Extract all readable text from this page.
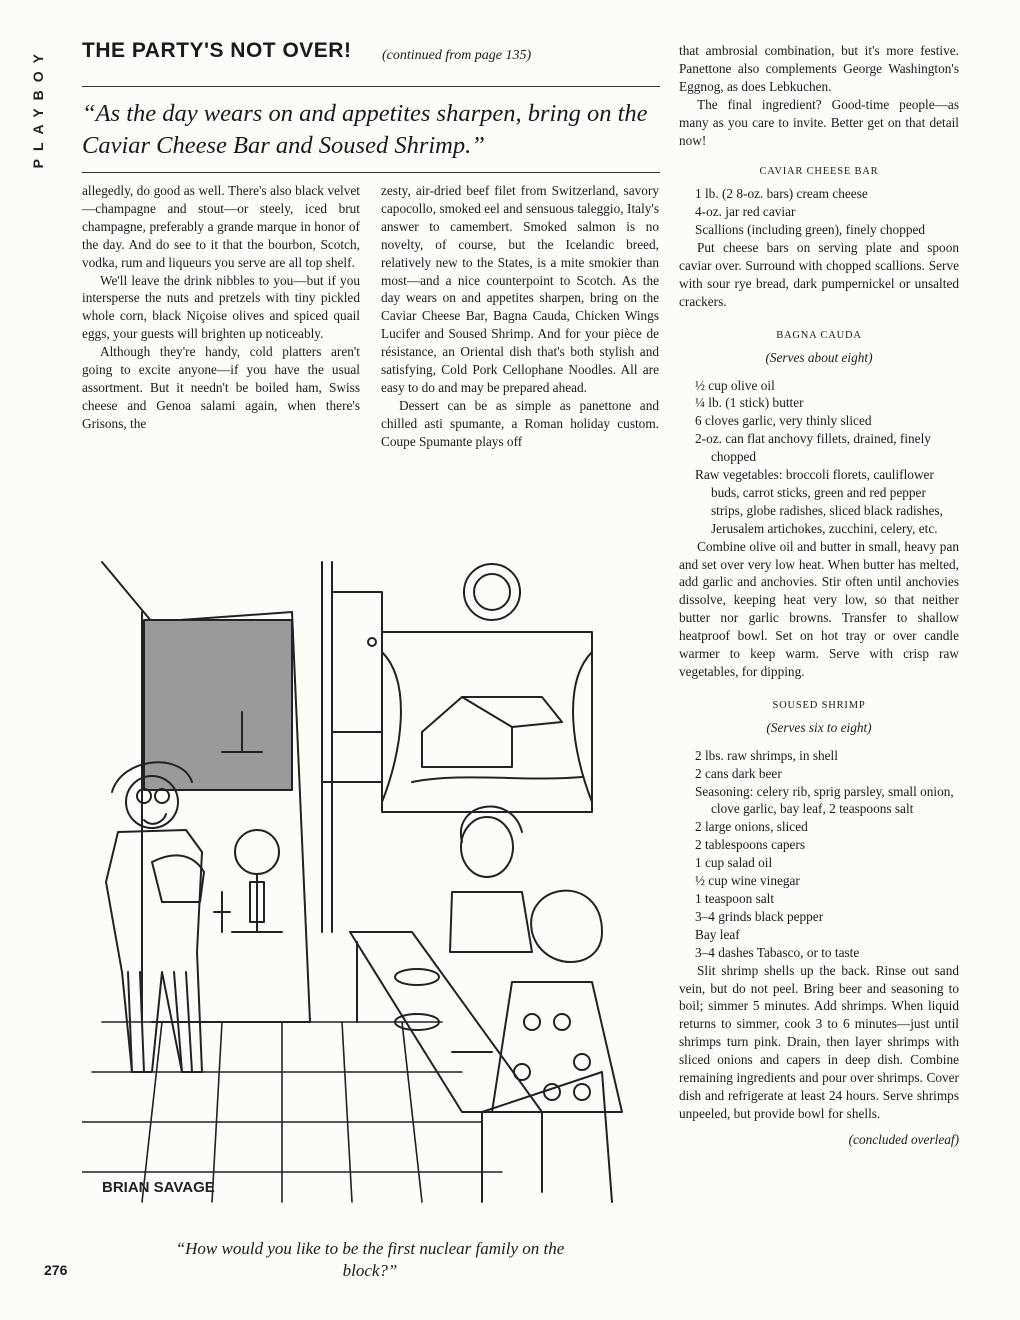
PLAYBOY	THE PARTY'S NOT OVER! (continued from page 135)
“As the day wears on and appetites sharpen, bring on the Caviar Cheese Bar and Soused Shrimp.”

allegedly, do good as well. There's also black velvet—champagne and stout—or steely, iced brut champagne, preferably a grande marque in honor of the day. And do see to it that the bourbon, Scotch, vodka, rum and liqueurs you serve are all top shelf.

We'll leave the drink nibbles to you—but if you intersperse the nuts and pretzels with tiny pickled whole corn, black Niçoise olives and spiced quail eggs, your guests will brighten up noticeably.

Although they're handy, cold platters aren't going to excite anyone—if you have the usual assortment. But it needn't be boiled ham, Swiss cheese and Genoa salami again, when there's Grisons, the

zesty, air-dried beef filet from Switzerland, savory capocollo, smoked eel and sensuous taleggio, Italy's answer to camembert. Smoked salmon is no novelty, of course, but the Icelandic breed, relatively new to the States, is a mite smokier than most—and a nice counterpoint to Scotch. As the day wears on and appetites sharpen, bring on the Caviar Cheese Bar, Bagna Cauda, Chicken Wings Lucifer and Soused Shrimp. And for your pièce de résistance, an Oriental dish that's both stylish and satisfying, Cold Pork Cellophane Noodles. All are easy to do and may be prepared ahead.

Dessert can be as simple as panettone and chilled asti spumante, a Roman holiday custom. Coupe Spumante plays off

that ambrosial combination, but it's more festive. Panettone also complements George Washington's Eggnog, as does Lebkuchen.

The final ingredient? Good-time people—as many as you care to invite. Better get on that detail now!

CAVIAR CHEESE BAR
1 lb. (2 8-oz. bars) cream cheese
4-oz. jar red caviar
Scallions (including green), finely chopped

Put cheese bars on serving plate and spoon caviar over. Surround with chopped scallions. Serve with sour rye bread, dark pumpernickel or unsalted crackers.

BAGNA CAUDA
(Serves about eight)
½ cup olive oil
¼ lb. (1 stick) butter
6 cloves garlic, very thinly sliced
2-oz. can flat anchovy fillets, drained, finely chopped
Raw vegetables: broccoli florets, cauliflower buds, carrot sticks, green and red pepper strips, globe radishes, sliced black radishes, Jerusalem artichokes, zucchini, celery, etc.

Combine olive oil and butter in small, heavy pan and set over very low heat. When butter has melted, add garlic and anchovies. Stir often until anchovies dissolve, keeping heat very low, so that neither butter nor garlic browns. Transfer to shallow heatproof bowl. Set on hot tray or over candle warmer to keep warm. Serve with crisp raw vegetables, for dipping.

SOUSED SHRIMP
(Serves six to eight)
2 lbs. raw shrimps, in shell
2 cans dark beer
Seasoning: celery rib, sprig parsley, small onion, clove garlic, bay leaf, 2 teaspoons salt
2 large onions, sliced
2 tablespoons capers
1 cup salad oil
½ cup wine vinegar
1 teaspoon salt
3–4 grinds black pepper
Bay leaf
3–4 dashes Tabasco, or to taste

Slit shrimp shells up the back. Rinse out sand vein, but do not peel. Bring beer and seasoning to boil; simmer 5 minutes. Add shrimps. When liquid returns to simmer, cook 3 to 6 minutes—just until shrimps turn pink. Drain, then layer shrimps with sliced onions and capers in deep dish. Combine remaining ingredients and pour over shrimps. Cover dish and refrigerate at least 24 hours. Serve shrimps unpeeled, but provide bowl for shells.

(concluded overleaf)
BRIAN SAVAGE
“How would you like to be the first nuclear family on the block?”
276
